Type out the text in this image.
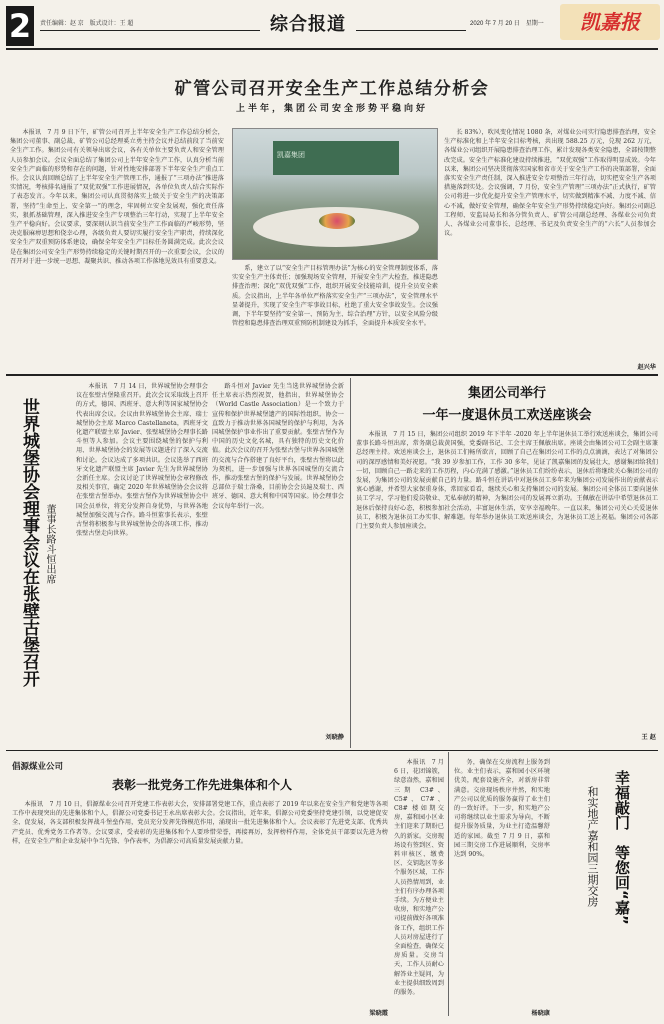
2	责任编辑：赵 京　版式设计：王 超	综合报道	2020 年 7 月 20 日　星期一	凯嘉报
矿管公司召开安全生产工作总结分析会
上半年，集团公司安全形势平稳向好
本报讯　7 月 9 日下午，矿管公司召开上半年安全生产工作总结分析会，集团公司董事、副总裁、矿管公司总经理奚立勇主持会议并总结前段了当前安全生产工作。集团公司有关领导出席会议，各有关单位主要负责人和安全管理人员参加会议。会议全面总结了集团公司上半年安全生产工作，认真分析当前安全生产面临的形势和存在的问题，针对性地安排部署下半年安全生产重点工作。会议认真回顾总结了上半年安全生产管理工作，通报了“三项办法”推进落实情况，考核排名通报了“双优双强”工作进展情况，各单位负责人结合实际作了表态发言。今年以来，集团公司认真贯彻落实上级关于安全生产的决策部署，坚持“生命至上、安全第一”的理念，牢固树立安全发展观，强化责任落实，狠抓基础管理，深入推进安全生产专项整治三年行动，实现了上半年安全生产平稳向好。会议要求，要深刻认识当前安全生产工作面临的严峻形势，坚决克服麻痹思想和侥幸心理，各级负责人要切实履行安全生产职责，持续深化安全生产双重预防体系建设，确保全年安全生产目标任务圆满完成。此次会议是在集团公司安全生产形势持续稳定的关键时期召开的一次重要会议，会议的召开对于进一步统一思想、凝聚共识、推动各项工作落地见效具有重要意义。
凯嘉集团
系，建立了以“安全生产目标管理办法”为核心的安全管理制度体系，落实安全生产主体责任；加强现场安全管理，开展安全生产大检查，推进隐患排查治理；深化“双优双强”工作，组织开展安全技能培训，提升全员安全素质。会议指出，上半年各单位严格落实安全生产“三项办法”，安全管理水平显著提升，实现了安全生产零事故目标，杜绝了重大安全事故发生。会议强调，下半年要坚持“安全第一、预防为主、综合治理”方针，以安全风险分级管控和隐患排查治理双重预防机制建设为抓手，全面提升本质安全水平。
长 83%），吹风变化情况 1080 条，对煤业公司实行隐患排查治理，安全生产标准化和上半年安全目标考核，共出现 588.25 万元，兑现 262 万元，各煤业公司组织开展隐患排查治理工作，累计发现各类安全隐患，全部按期整改完成。安全生产标准化建设持续推进，“双优双强”工作取得明显成效。今年以来，集团公司坚决贯彻落实国家和省市关于安全生产工作的决策部署，全面落实安全生产责任制，深入推进安全专项整治三年行动，切实把安全生产各项措施落到实处。会议强调，7 月份，安全生产管理“三项办法”正式执行，矿管公司将进一步优化提升安全生产管理水平，切实做到精准不减、力度不减、信心不减，做好安全管理，确保全年安全生产形势持续稳定向好。集团公司副总工程师、安监局局长和各分管负责人、矿管公司副总经理、各煤业公司负责人、各煤业公司董事长、总经理、书记及负责安全生产的“六长”人员参加会议。
赵兴华
世界城堡协会理事会议在张壁古堡召开 董事长路斗恒出席
本报讯　7 月 14 日，世界城堡协会理事会议在张壁古堡隆重召开。此次会议采取线上召开的方式，德国、西班牙、意大利等国家城堡协会代表出席会议。会议由世界城堡协会主席、瑞士城堡协会主席 Marco Castellaneta，西班牙文化遗产联盟主席 Javier、张壁城堡协会理事长路斗恒等人参加。会议主要围绕城堡的保护与利用、世界城堡协会的发展等议题进行了深入交流和讨论。会议达成了多项共识。会议选举了西班牙文化遗产联盟主席 Javier 先生为世界城堡协会新任主席。会议讨论了世界城堡协会章程修改及相关事宜，确定 2020 年世界城堡协会会议将在张壁古堡举办。张壁古堡作为世界城堡协会中国会员单位，将充分发挥自身优势，与世界各地城堡加强交流与合作。路斗恒董事长表示，张壁古堡将积极参与世界城堡协会的各项工作，推动张壁古堡走向世界。
路斗恒对 Javier 先生当选世界城堡协会新任主席表示热烈祝贺，他指出，世界城堡协会（World Castle Association）是一个致力于宣传和保护世界城堡遗产的国际性组织，协会一直致力于推动世界各国城堡的保护与利用，为各国城堡保护事业作出了重要贡献。张壁古堡作为中国的历史文化名城，具有独特的历史文化价值。此次会议的召开为张壁古堡与世界各国城堡的交流与合作搭建了良好平台，张壁古堡将以此为契机，进一步加强与世界各国城堡的交流合作，推动张壁古堡的保护与发展。世界城堡协会总部位于瑞士洛桑，目前协会会员遍及瑞士、西班牙、德国、意大利和中国等国家。协会理事会会议每年举行一次。
刘晓静
集团公司举行
一年一度退休员工欢送座谈会
本报讯　7 月 15 日，集团公司组织 2019 年下半年 -2020 年上半年退休员工举行欢送座谈会，集团公司董事长路斗恒出席，常务副总裁黄国强，党委副书记、工会主席王佩敏出席。座谈会由集团公司工会副主席兼总经理主持。欢送座谈会上，退休员工们畅所欲言，回顾了自己在集团公司工作的点点滴滴，表达了对集团公司的深厚感情和美好祝愿。“我 39 岁参加工作，工作 30 多年，见证了凯嘉集团的发展壮大，感谢集团给我们一切，回顾自己一路走来的工作历程，内心充满了感激。”退休员工们纷纷表示，退休后将继续关心集团公司的发展，为集团公司的发展贡献自己的力量。路斗恒在讲话中对退休员工多年来为集团公司发展作出的贡献表示衷心感谢，并希望大家保重身体，常回家看看，继续关心和支持集团公司的发展。集团公司全体员工要向退休员工学习，学习他们爱岗敬业、无私奉献的精神，为集团公司的发展再立新功。王佩敏在讲话中希望退休员工退休后保持良好心态，积极参加社会活动，丰富退休生活，安享幸福晚年。一直以来，集团公司关心关爱退休员工，积极为退休员工办实事、解难题。每年举办退休员工欢送座谈会，为退休员工送上祝福。集团公司各部门主要负责人参加座谈会。
王 赵
倡源煤业公司
表彰一批党务工作先进集体和个人
本报讯　7 月 10 日，倡源煤业公司召开党建工作表彰大会，安排部署党建工作，重点表彰了 2019 年以来在安全生产和党建等各项工作中表现突出的先进集体和个人，倡源公司党委书记王永出席表彰大会。会议指出，近年来，倡源公司党委坚持党建引领，以党建促安全、促发展，各支部积极发挥战斗堡垒作用，党员充分发挥先锋模范作用，涌现出一批先进集体和个人。会议表彰了先进党支部、优秀共产党员、优秀党务工作者等。会议要求，受表彰的先进集体和个人要珍惜荣誉，再接再厉，发挥榜样作用，全体党员干部要以先进为榜样，在安全生产和企业发展中争当先锋、争作表率，为倡源公司高质量发展贡献力量。
梁晓霞
本报讯　7 月 6 日，花团锦簇，绿意盎然，嘉和园三期 C3#、C5#、C7#、C8# 楼如期交房，嘉和园小区业主们迎来了期盼已久的新家。交房现场设有签到区、资料审核区、缴费区、交钥匙区等多个服务区域，工作人员热情周到，业主们有序办理各项手续。为方便业主收房，和实地产公司提前做好各项准备工作，组织工作人员对房屋进行了全面检查，确保交房质量。交房当天，工作人员耐心解答业主疑问，为业主提供细致周到的服务。
务，确保在交房流程上服务到位。业主们表示，嘉和园小区环境优美，配套设施齐全，对新房非常满意。交房现场秩序井然，和实地产公司以优质的服务赢得了业主们的一致好评。下一步，和实地产公司将继续以业主需求为导向，不断提升服务质量，为业主打造温馨舒适的家园。截至 7 月 9 日，嘉和园三期交房工作进展顺利，交房率达到 90%。
杨晓康
幸福敲门　等您回“嘉”
和实地产嘉和园三期交房
